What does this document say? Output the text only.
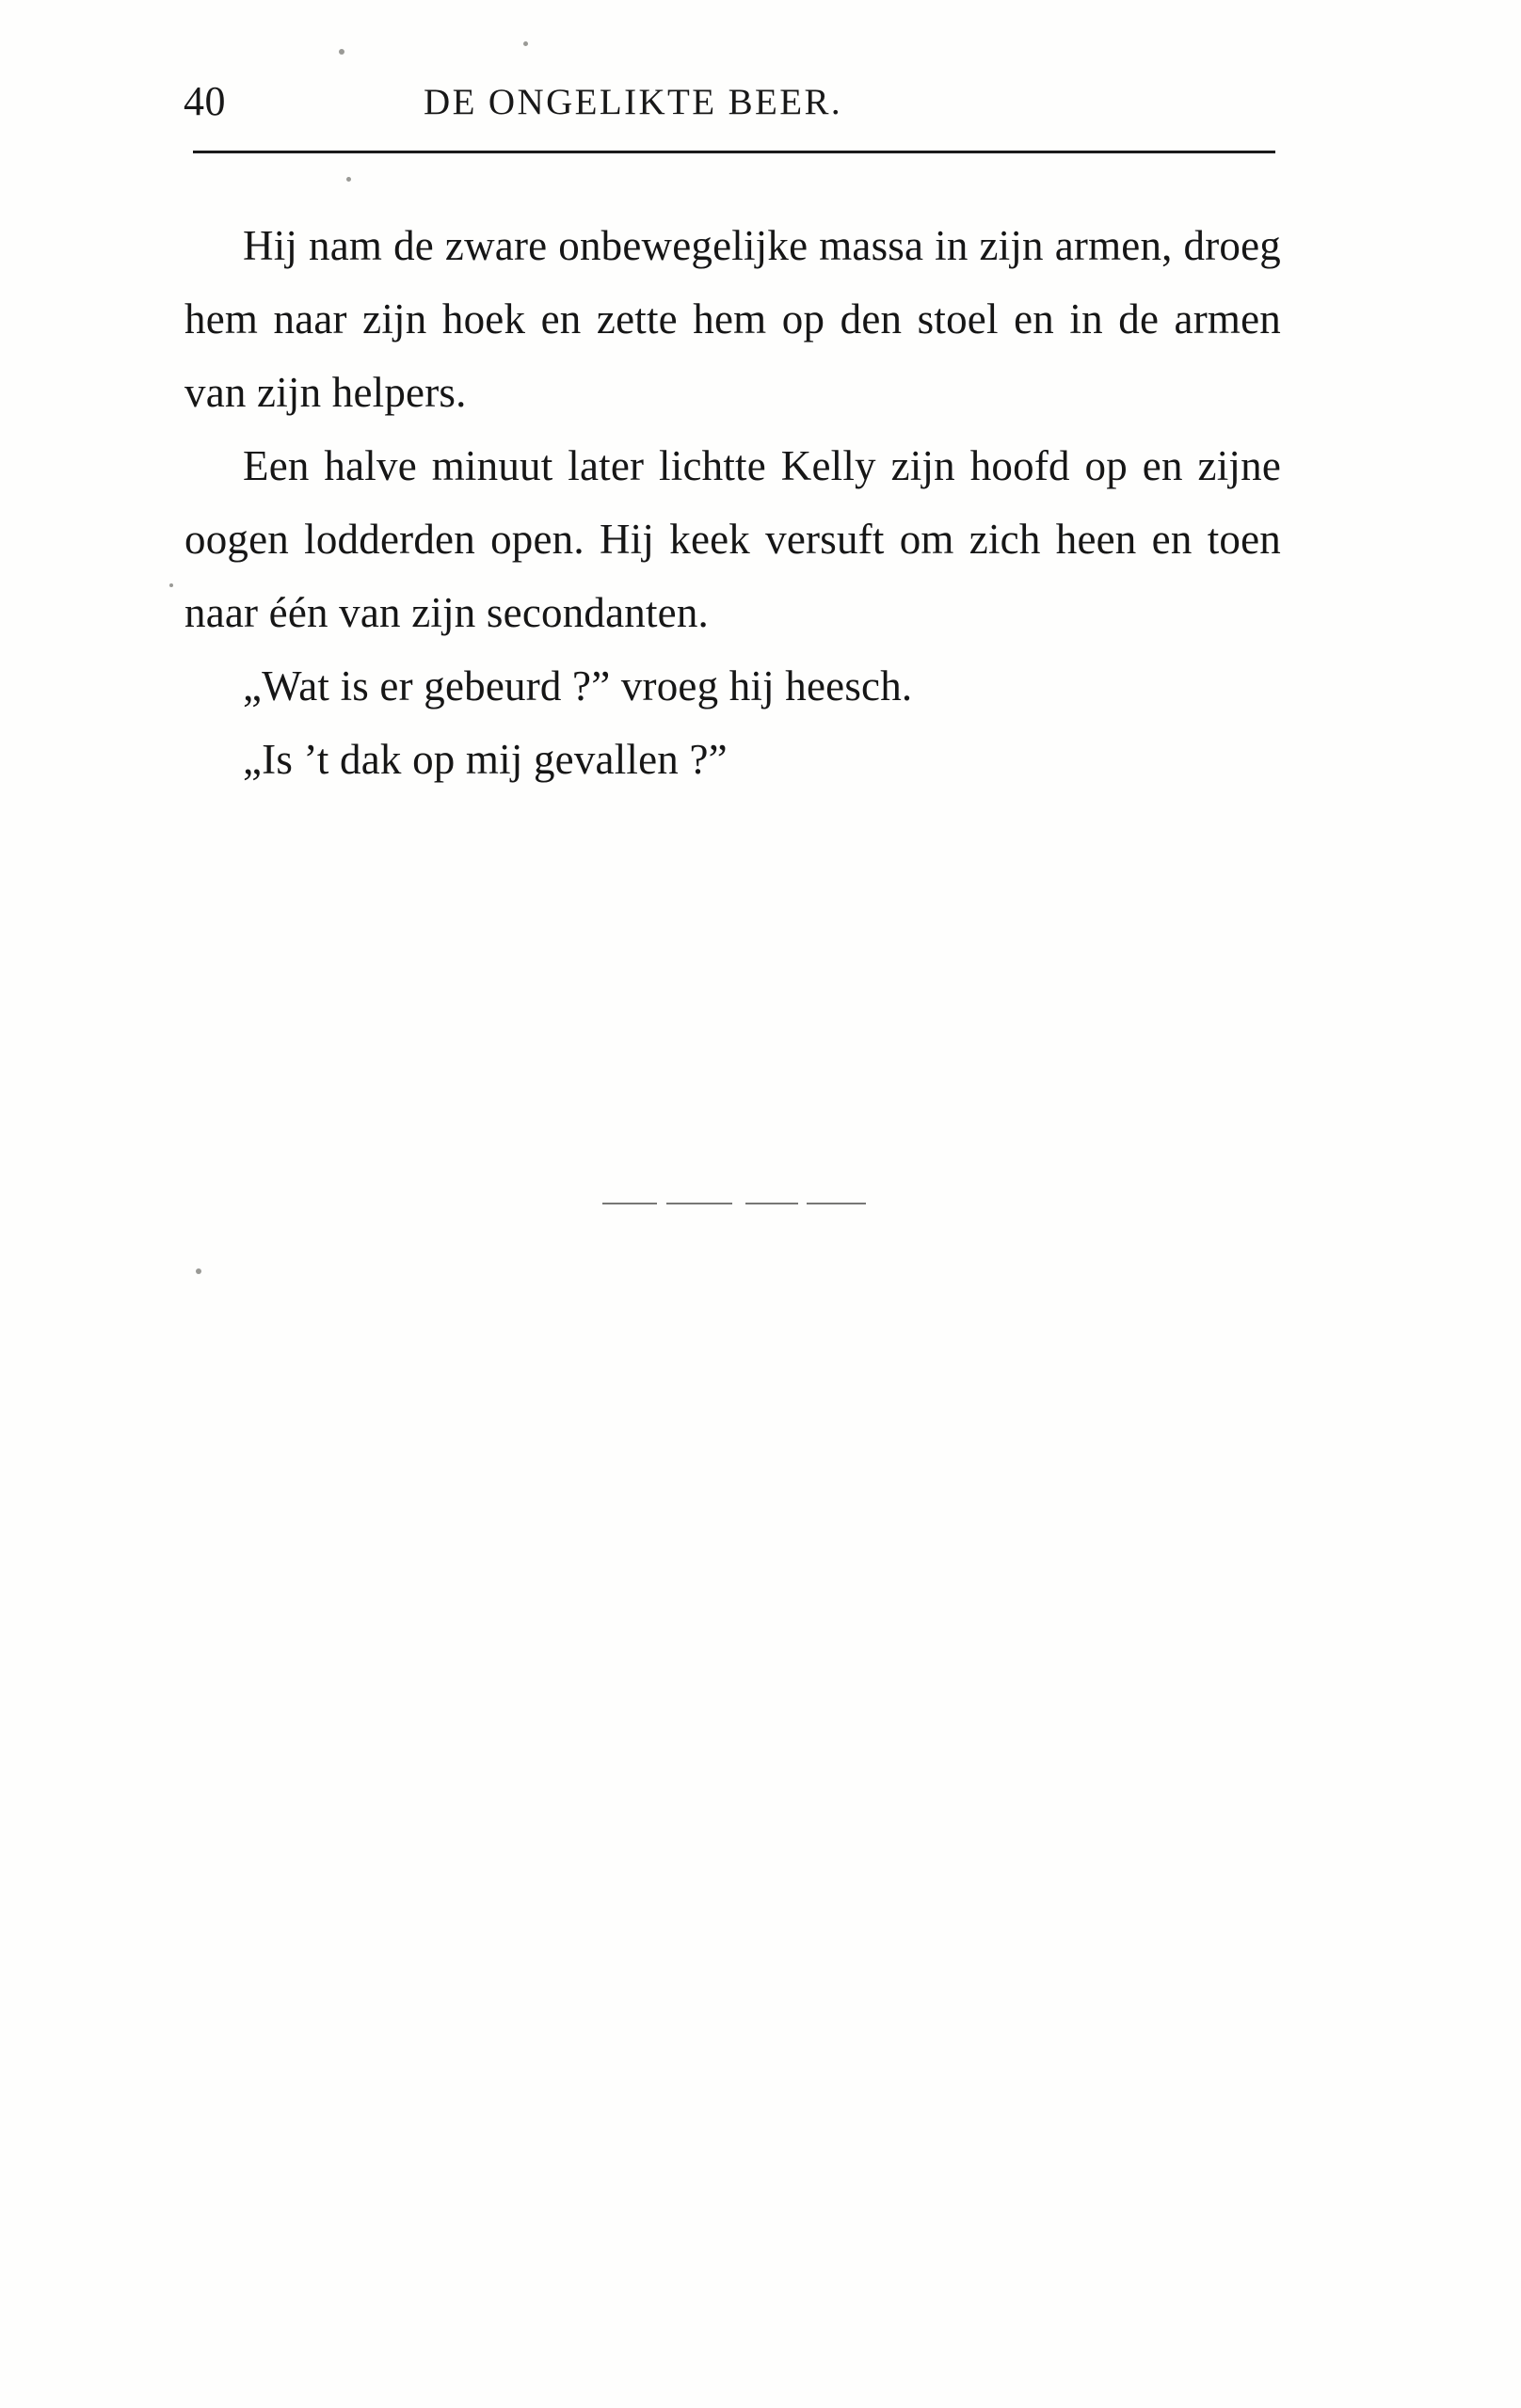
40	DE ONGELIKTE BEER.

Hij nam de zware onbewegelijke massa in zijn armen, droeg hem naar zijn hoek en zette hem op den stoel en in de armen van zijn helpers.

Een halve minuut later lichtte Kelly zijn hoofd op en zijne oogen lodderden open. Hij keek versuft om zich heen en toen naar één van zijn secondanten.

„Wat is er gebeurd ?” vroeg hij heesch.

„Is ’t dak op mij gevallen ?”
